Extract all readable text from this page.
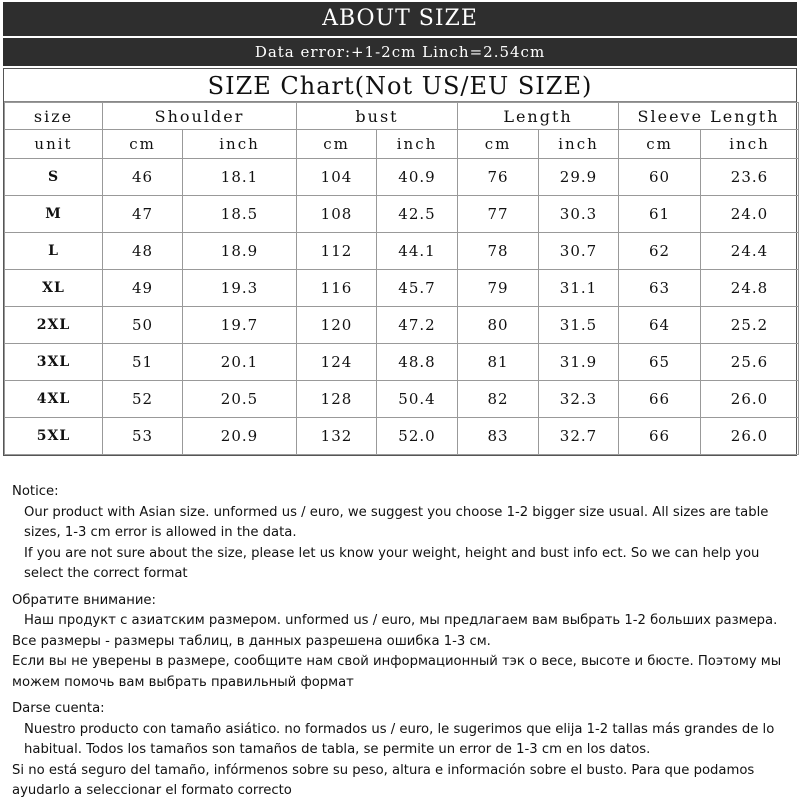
ABOUT SIZE
Data error:+1-2cm Linch=2.54cm
SIZE Chart(Not US/EU SIZE)
size	Shoulder		bust		Length		Sleeve Length	
unit	cm	inch	cm	inch	cm	inch	cm	inch
S	46	18.1	104	40.9	76	29.9	60	23.6
M	47	18.5	108	42.5	77	30.3	61	24.0
L	48	18.9	112	44.1	78	30.7	62	24.4
XL	49	19.3	116	45.7	79	31.1	63	24.8
2XL	50	19.7	120	47.2	80	31.5	64	25.2
3XL	51	20.1	124	48.8	81	31.9	65	25.6
4XL	52	20.5	128	50.4	82	32.3	66	26.0
5XL	53	20.9	132	52.0	83	32.7	66	26.0

Notice:

Our product with Asian size. unformed us / euro, we suggest you choose 1-2 bigger size usual. All sizes are table sizes, 1-3 cm error is allowed in the data.

If you are not sure about the size, please let us know your weight, height and bust info ect. So we can help you select the correct format

Обратите внимание:

Наш продукт с азиатским размером. unformed us / euro, мы предлагаем вам выбрать 1-2 больших размера.

Все размеры - размеры таблиц, в данных разрешена ошибка 1-3 см.

Если вы не уверены в размере, сообщите нам свой информационный тэк о весе, высоте и бюсте. Поэтому мы можем помочь вам выбрать правильный формат

Darse cuenta:

Nuestro producto con tamaño asiático. no formados us / euro, le sugerimos que elija 1-2 tallas más grandes de lo habitual. Todos los tamaños son tamaños de tabla, se permite un error de 1-3 cm en los datos.

Si no está seguro del tamaño, infórmenos sobre su peso, altura e información sobre el busto. Para que podamos ayudarlo a seleccionar el formato correcto
